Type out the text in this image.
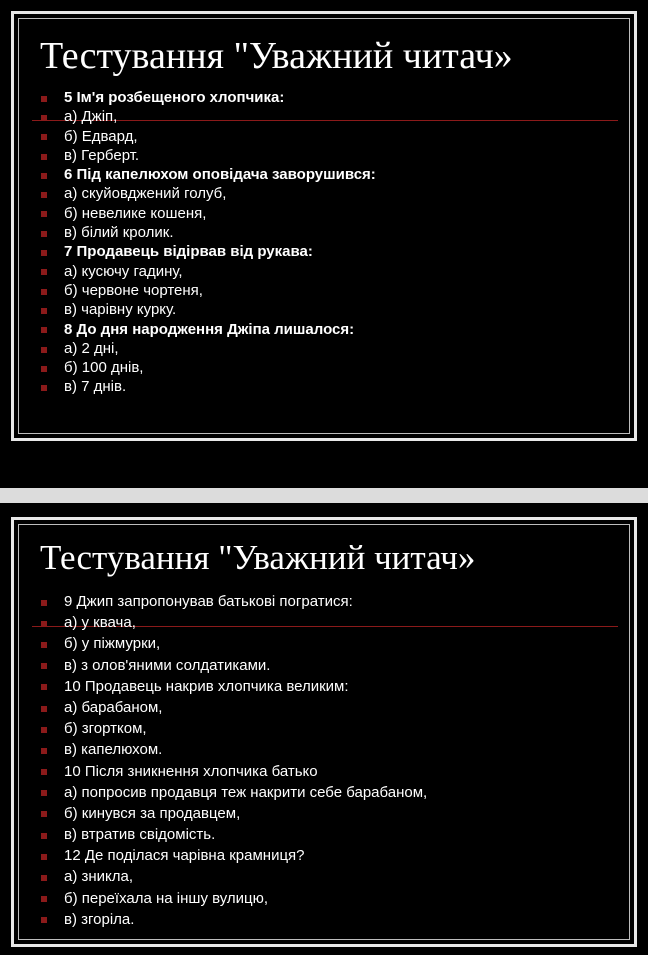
Тестування "Уважний читач»
5 Ім'я розбещеного хлопчика:
а) Джіп,
б) Едвард,
в) Герберт.
6 Під капелюхом оповідача заворушився:
а) скуйовджений голуб,
б) невелике кошеня,
в) білий кролик.
7 Продавець відірвав від рукава:
а) кусючу гадину,
б) червоне чортеня,
в) чарівну курку.
8 До дня народження Джіпа лишалося:
а) 2 дні,
б) 100 днів,
в) 7 днів.
Тестування "Уважний читач»
9 Джип запропонував батькові погратися:
а) у квача,
б) у піжмурки,
в) з олов'яними солдатиками.
10 Продавець накрив хлопчика великим:
а) барабаном,
б) згортком,
в) капелюхом.
10 Після зникнення хлопчика батько
а) попросив продавця теж накрити себе барабаном,
б) кинувся за продавцем,
в) втратив свідомість.
12 Де поділася чарівна крамниця?
а) зникла,
б) переїхала на іншу вулицю,
в) згоріла.
